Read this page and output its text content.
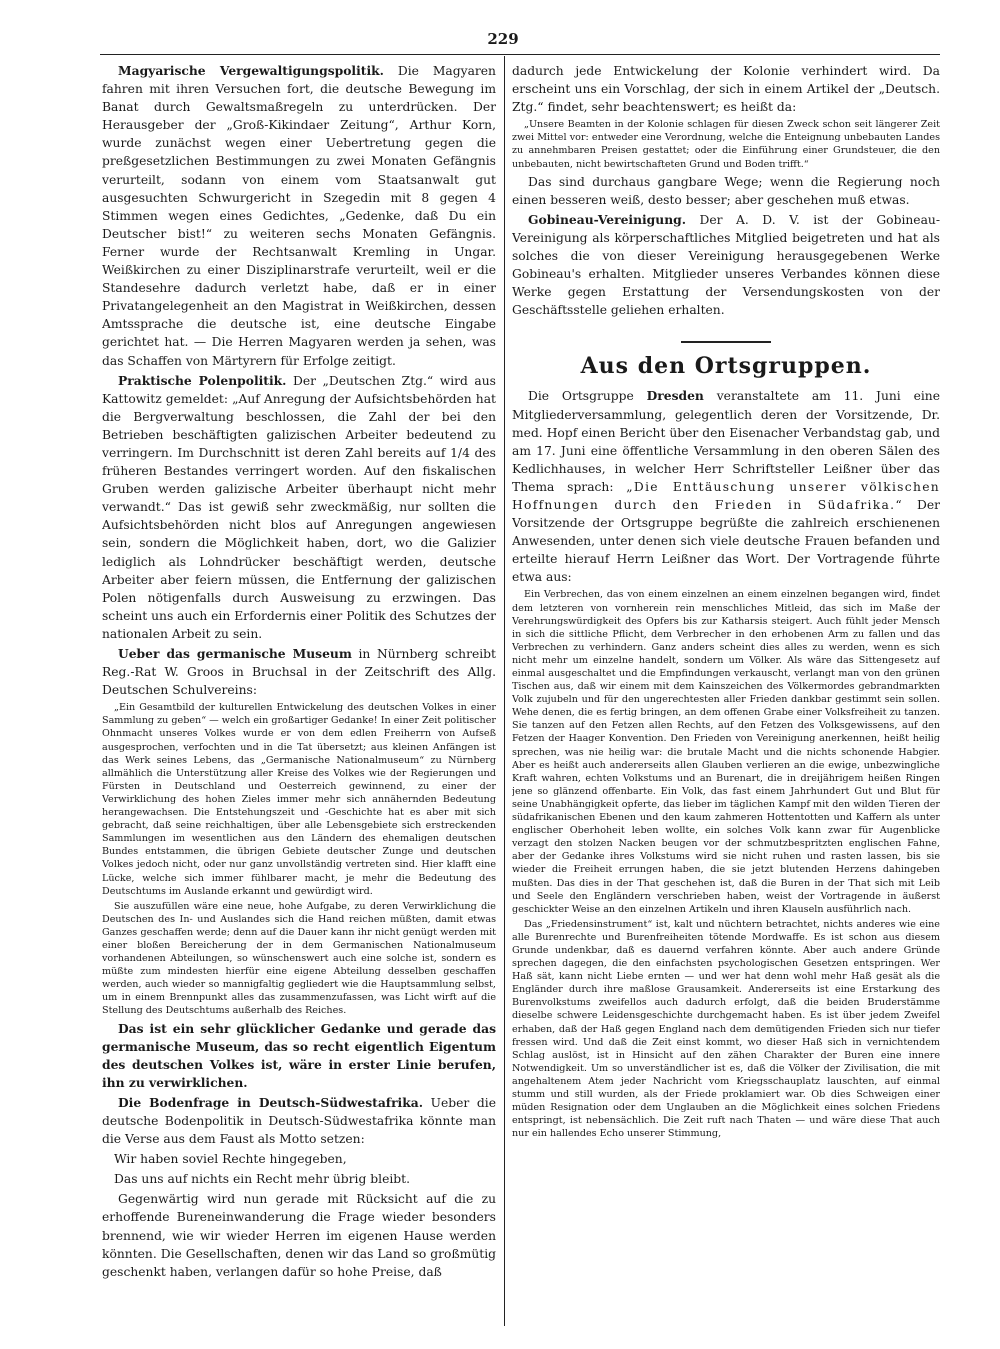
229

Magyarische Vergewaltigungspolitik. Die Magyaren fahren mit ihren Versuchen fort, die deutsche Bewegung im Banat durch Gewaltsmaßregeln zu unterdrücken. Der Herausgeber der „Groß-Kikindaer Zeitung“, Arthur Korn, wurde zunächst wegen einer Uebertretung gegen die preßgesetzlichen Bestimmungen zu zwei Monaten Gefängnis verurteilt, sodann von einem vom Staatsanwalt gut ausgesuchten Schwurgericht in Szegedin mit 8 gegen 4 Stimmen wegen eines Gedichtes, „Gedenke, daß Du ein Deutscher bist!“ zu weiteren sechs Monaten Gefängnis. Ferner wurde der Rechtsanwalt Kremling in Ungar. Weißkirchen zu einer Disziplinarstrafe verurteilt, weil er die Standesehre dadurch verletzt habe, daß er in einer Privatangelegenheit an den Magistrat in Weißkirchen, dessen Amtssprache die deutsche ist, eine deutsche Eingabe gerichtet hat. — Die Herren Magyaren werden ja sehen, was das Schaffen von Märtyrern für Erfolge zeitigt.

Praktische Polenpolitik. Der „Deutschen Ztg.“ wird aus Kattowitz gemeldet: „Auf Anregung der Aufsichtsbehörden hat die Bergverwaltung beschlossen, die Zahl der bei den Betrieben beschäftigten galizischen Arbeiter bedeutend zu verringern. Im Durchschnitt ist deren Zahl bereits auf 1/4 des früheren Bestandes verringert worden. Auf den fiskalischen Gruben werden galizische Arbeiter überhaupt nicht mehr verwandt.“ Das ist gewiß sehr zweckmäßig, nur sollten die Aufsichtsbehörden nicht blos auf Anregungen angewiesen sein, sondern die Möglichkeit haben, dort, wo die Galizier lediglich als Lohndrücker beschäftigt werden, deutsche Arbeiter aber feiern müssen, die Entfernung der galizischen Polen nötigenfalls durch Ausweisung zu erzwingen. Das scheint uns auch ein Erfordernis einer Politik des Schutzes der nationalen Arbeit zu sein.

Ueber das germanische Museum in Nürnberg schreibt Reg.-Rat W. Groos in Bruchsal in der Zeitschrift des Allg. Deutschen Schulvereins:

„Ein Gesamtbild der kulturellen Entwickelung des deutschen Volkes in einer Sammlung zu geben“ — welch ein großartiger Gedanke! In einer Zeit politischer Ohnmacht unseres Volkes wurde er von dem edlen Freiherrn von Aufseß ausgesprochen, verfochten und in die Tat übersetzt; aus kleinen Anfängen ist das Werk seines Lebens, das „Germanische Nationalmuseum“ zu Nürnberg allmählich die Unterstützung aller Kreise des Volkes wie der Regierungen und Fürsten in Deutschland und Oesterreich gewinnend, zu einer der Verwirklichung des hohen Zieles immer mehr sich annähernden Bedeutung herangewachsen. Die Entstehungszeit und -Geschichte hat es aber mit sich gebracht, daß seine reichhaltigen, über alle Lebensgebiete sich erstreckenden Sammlungen im wesentlichen aus den Ländern des ehemaligen deutschen Bundes entstammen, die übrigen Gebiete deutscher Zunge und deutschen Volkes jedoch nicht, oder nur ganz unvollständig vertreten sind. Hier klafft eine Lücke, welche sich immer fühlbarer macht, je mehr die Bedeutung des Deutschtums im Auslande erkannt und gewürdigt wird.

Sie auszufüllen wäre eine neue, hohe Aufgabe, zu deren Verwirklichung die Deutschen des In- und Auslandes sich die Hand reichen müßten, damit etwas Ganzes geschaffen werde; denn auf die Dauer kann ihr nicht genügt werden mit einer bloßen Bereicherung der in dem Germanischen Nationalmuseum vorhandenen Abteilungen, so wünschenswert auch eine solche ist, sondern es müßte zum mindesten hierfür eine eigene Abteilung desselben geschaffen werden, auch wieder so mannigfaltig gegliedert wie die Hauptsammlung selbst, um in einem Brennpunkt alles das zusammenzufassen, was Licht wirft auf die Stellung des Deutschtums außerhalb des Reiches.

Das ist ein sehr glücklicher Gedanke und gerade das germanische Museum, das so recht eigentlich Eigentum des deutschen Volkes ist, wäre in erster Linie berufen, ihn zu verwirklichen.

Die Bodenfrage in Deutsch-Südwestafrika. Ueber die deutsche Bodenpolitik in Deutsch-Südwestafrika könnte man die Verse aus dem Faust als Motto setzen:

Wir haben soviel Rechte hingegeben,

Das uns auf nichts ein Recht mehr übrig bleibt.

Gegenwärtig wird nun gerade mit Rücksicht auf die zu erhoffende Bureneinwanderung die Frage wieder besonders brennend, wie wir wieder Herren im eigenen Hause werden könnten. Die Gesellschaften, denen wir das Land so großmütig geschenkt haben, verlangen dafür so hohe Preise, daß

dadurch jede Entwickelung der Kolonie verhindert wird. Da erscheint uns ein Vorschlag, der sich in einem Artikel der „Deutsch. Ztg.“ findet, sehr beachtenswert; es heißt da:

„Unsere Beamten in der Kolonie schlagen für diesen Zweck schon seit längerer Zeit zwei Mittel vor: entweder eine Verordnung, welche die Enteignung unbebauten Landes zu annehmbaren Preisen gestattet; oder die Einführung einer Grundsteuer, die den unbebauten, nicht bewirtschafteten Grund und Boden trifft.“

Das sind durchaus gangbare Wege; wenn die Regierung noch einen besseren weiß, desto besser; aber geschehen muß etwas.

Gobineau-Vereinigung. Der A. D. V. ist der Gobineau-Vereinigung als körperschaftliches Mitglied beigetreten und hat als solches die von dieser Vereinigung herausgegebenen Werke Gobineau's erhalten. Mitglieder unseres Verbandes können diese Werke gegen Erstattung der Versendungskosten von der Geschäftsstelle geliehen erhalten.

Aus den Ortsgruppen.

Die Ortsgruppe Dresden veranstaltete am 11. Juni eine Mitgliederversammlung, gelegentlich deren der Vorsitzende, Dr. med. Hopf einen Bericht über den Eisenacher Verbandstag gab, und am 17. Juni eine öffentliche Versammlung in den oberen Sälen des Kedlichhauses, in welcher Herr Schriftsteller Leißner über das Thema sprach: „Die Enttäuschung unserer völkischen Hoffnungen durch den Frieden in Südafrika.“ Der Vorsitzende der Ortsgruppe begrüßte die zahlreich erschienenen Anwesenden, unter denen sich viele deutsche Frauen befanden und erteilte hierauf Herrn Leißner das Wort. Der Vortragende führte etwa aus:

Ein Verbrechen, das von einem einzelnen an einem einzelnen begangen wird, findet dem letzteren von vornherein rein menschliches Mitleid, das sich im Maße der Verehrungswürdigkeit des Opfers bis zur Katharsis steigert. Auch fühlt jeder Mensch in sich die sittliche Pflicht, dem Verbrecher in den erhobenen Arm zu fallen und das Verbrechen zu verhindern. Ganz anders scheint dies alles zu werden, wenn es sich nicht mehr um einzelne handelt, sondern um Völker. Als wäre das Sittengesetz auf einmal ausgeschaltet und die Empfindungen verkauscht, verlangt man von den grünen Tischen aus, daß wir einem mit dem Kainszeichen des Völkermordes gebrandmarkten Volk zujubeln und für den ungerechtesten aller Frieden dankbar gestimmt sein sollen. Wehe denen, die es fertig bringen, an dem offenen Grabe einer Volksfreiheit zu tanzen. Sie tanzen auf den Fetzen allen Rechts, auf den Fetzen des Volksgewissens, auf den Fetzen der Haager Konvention. Den Frieden von Vereinigung anerkennen, heißt heilig sprechen, was nie heilig war: die brutale Macht und die nichts schonende Habgier. Aber es heißt auch andererseits allen Glauben verlieren an die ewige, unbezwingliche Kraft wahren, echten Volkstums und an Burenart, die in dreijährigem heißen Ringen jene so glänzend offenbarte. Ein Volk, das fast einem Jahrhundert Gut und Blut für seine Unabhängigkeit opferte, das lieber im täglichen Kampf mit den wilden Tieren der südafrikanischen Ebenen und den kaum zahmeren Hottentotten und Kaffern als unter englischer Oberhoheit leben wollte, ein solches Volk kann zwar für Augenblicke verzagt den stolzen Nacken beugen vor der schmutzbespritzten englischen Fahne, aber der Gedanke ihres Volkstums wird sie nicht ruhen und rasten lassen, bis sie wieder die Freiheit errungen haben, die sie jetzt blutenden Herzens dahingeben mußten. Das dies in der That geschehen ist, daß die Buren in der That sich mit Leib und Seele den Engländern verschrieben haben, weist der Vortragende in äußerst geschickter Weise an den einzelnen Artikeln und ihren Klauseln ausführlich nach.

Das „Friedensinstrument“ ist, kalt und nüchtern betrachtet, nichts anderes wie eine alle Burenrechte und Burenfreiheiten tötende Mordwaffe. Es ist schon aus diesem Grunde undenkbar, daß es dauernd verfahren könnte. Aber auch andere Gründe sprechen dagegen, die den einfachsten psychologischen Gesetzen entspringen. Wer Haß sät, kann nicht Liebe ernten — und wer hat denn wohl mehr Haß gesät als die Engländer durch ihre maßlose Grausamkeit. Andererseits ist eine Erstarkung des Burenvolkstums zweifellos auch dadurch erfolgt, daß die beiden Bruderstämme dieselbe schwere Leidensgeschichte durchgemacht haben. Es ist über jedem Zweifel erhaben, daß der Haß gegen England nach dem demütigenden Frieden sich nur tiefer fressen wird. Und daß die Zeit einst kommt, wo dieser Haß sich in vernichtendem Schlag auslöst, ist in Hinsicht auf den zähen Charakter der Buren eine innere Notwendigkeit. Um so unverständlicher ist es, daß die Völker der Zivilisation, die mit angehaltenem Atem jeder Nachricht vom Kriegsschauplatz lauschten, auf einmal stumm und still wurden, als der Friede proklamiert war. Ob dies Schweigen einer müden Resignation oder dem Unglauben an die Möglichkeit eines solchen Friedens entspringt, ist nebensächlich. Die Zeit ruft nach Thaten — und wäre diese That auch nur ein hallendes Echo unserer Stimmung,
